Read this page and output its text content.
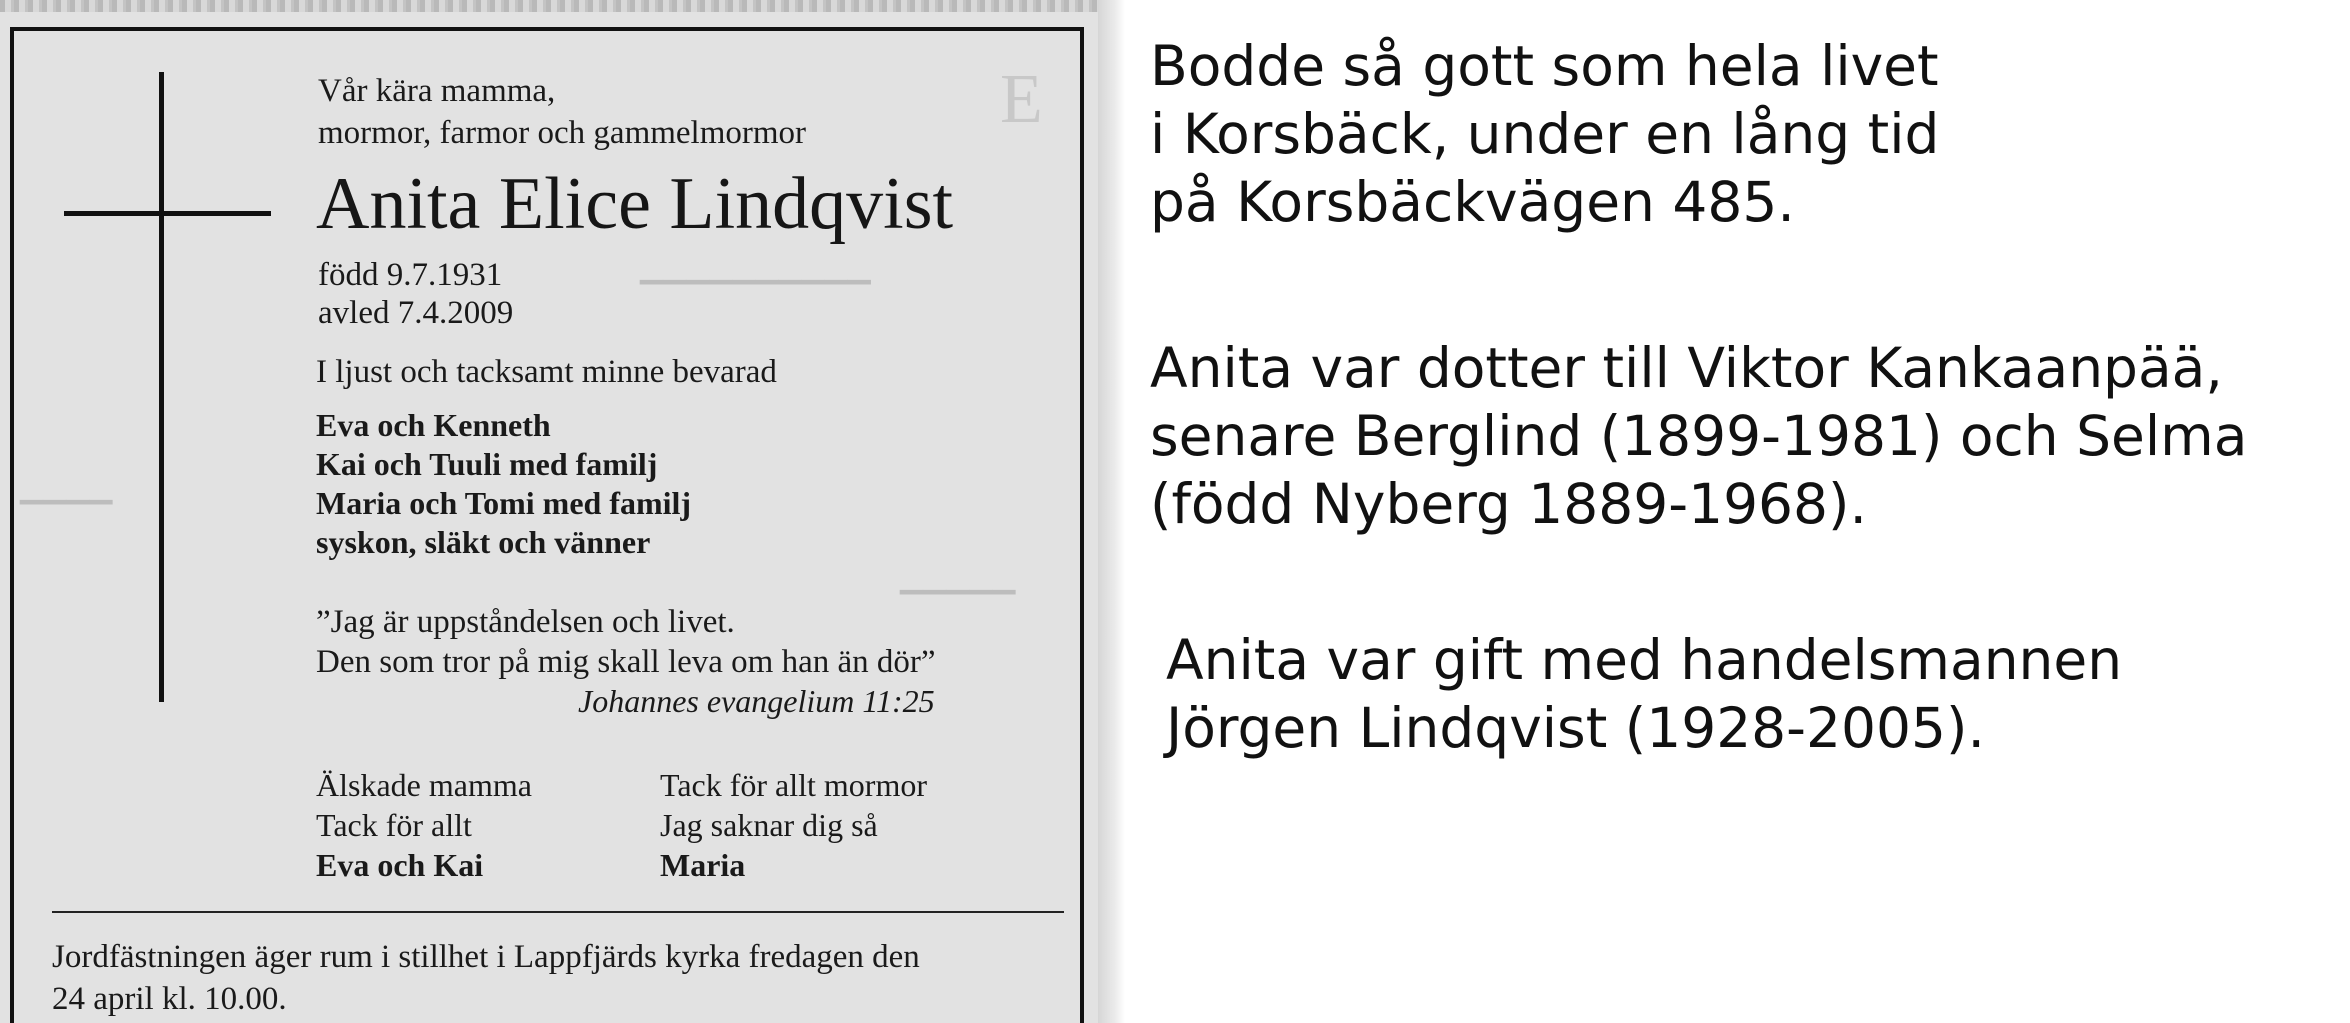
E
▁▁▁▁▁▁▁▁▁▁
▁▁▁▁▁
▁▁▁▁
Vår kära mamma,
mormor, farmor och gammelmormor
Anita Elice Lindqvist
född 9.7.1931
avled 7.4.2009
I ljust och tacksamt minne bevarad
Eva och Kenneth
Kai och Tuuli med familj
Maria och Tomi med familj
syskon, släkt och vänner
”Jag är uppståndelsen och livet.
Den som tror på mig skall leva om han än dör”
Johannes evangelium 11:25
Älskade mamma
Tack för allt
Eva och Kai
Tack för allt mormor
Jag saknar dig så
Maria
Jordfästningen äger rum i stillhet i Lappfjärds kyrka fredagen den
24 april kl. 10.00.
Bodde så gott som hela livet
i Korsbäck, under en lång tid
på Korsbäckvägen 485.
Anita var dotter till Viktor Kankaanpää,
senare Berglind (1899-1981) och Selma
(född Nyberg 1889-1968).
Anita var gift med handelsmannen
Jörgen Lindqvist (1928-2005).
